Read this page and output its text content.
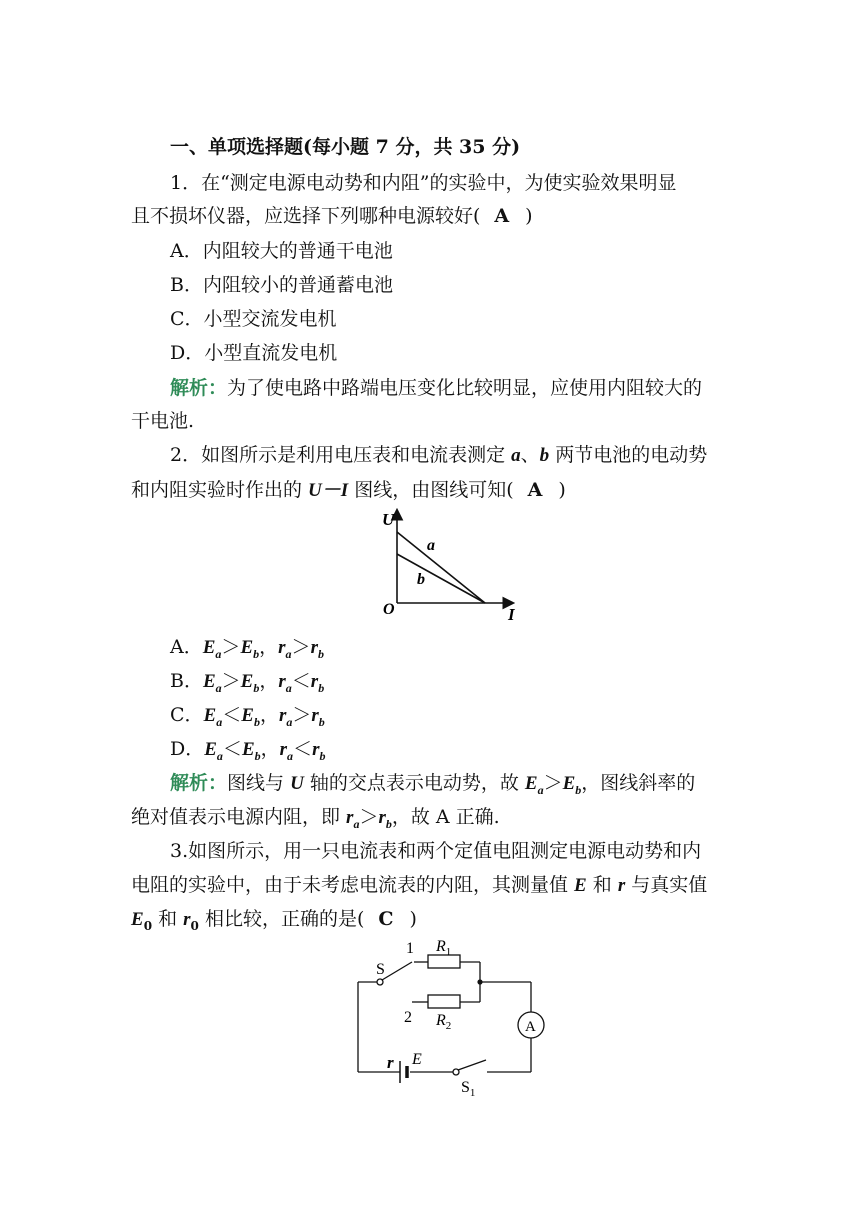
一、单项选择题(每小题 7 分，共 35 分)
1．在“测定电源电动势和内阻”的实验中，为使实验效果明显
且不损坏仪器，应选择下列哪种电源较好( A )
A．内阻较大的普通干电池
B．内阻较小的普通蓄电池
C．小型交流发电机
D．小型直流发电机
解析：为了使电路中路端电压变化比较明显，应使用内阻较大的
干电池.
2．如图所示是利用电压表和电流表测定 a、b 两节电池的电动势
和内阻实验时作出的 U－I 图线，由图线可知( A )
U
I
O
a
b
A．$E_a>E_b$，$r_a>r_b$
B．$E_a>E_b$，$r_a<r_b$
C．$E_a<E_b$，$r_a>r_b$
D．$E_a<E_b$，$r_a<r_b$
解析：图线与 U 轴的交点表示电动势，故 $E_a>E_b$，图线斜率的
绝对值表示电源内阻，即 $r_a>r_b$，故 A 正确.
3.如图所示，用一只电流表和两个定值电阻测定电源电动势和内
电阻的实验中，由于未考虑电流表的内阻，其测量值 E 和 r 与真实值
$E_0$ 和 $r_0$ 相比较，正确的是( C )
S
1
2
$R_1$
$R_2$	A
r E
$S_1$
